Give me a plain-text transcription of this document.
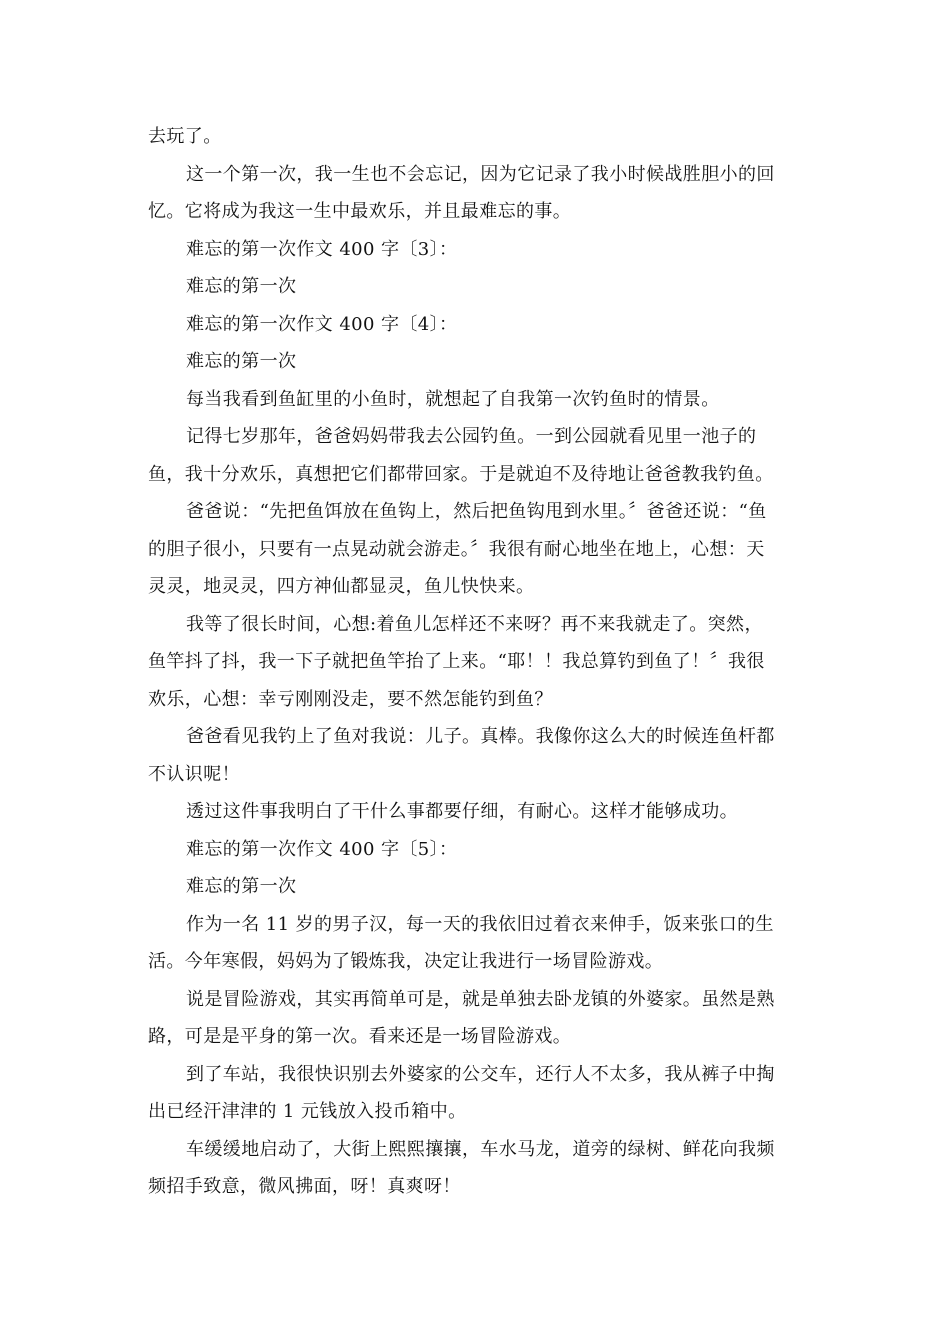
去玩了。
这一个第一次，我一生也不会忘记，因为它记录了我小时候战胜胆小的回
忆。它将成为我这一生中最欢乐，并且最难忘的事。
难忘的第一次作文 400 字〔3〕：
难忘的第一次
难忘的第一次作文 400 字〔4〕：
难忘的第一次
每当我看到鱼缸里的小鱼时，就想起了自我第一次钓鱼时的情景。
记得七岁那年，爸爸妈妈带我去公园钓鱼。一到公园就看见里一池子的
鱼，我十分欢乐，真想把它们都带回家。于是就迫不及待地让爸爸教我钓鱼。
爸爸说：“先把鱼饵放在鱼钩上，然后把鱼钩甩到水里。〞爸爸还说：“鱼
的胆子很小，只要有一点晃动就会游走。〞我很有耐心地坐在地上，心想：天
灵灵，地灵灵，四方神仙都显灵，鱼儿快快来。
我等了很长时间，心想:着鱼儿怎样还不来呀？再不来我就走了。突然，
鱼竿抖了抖，我一下子就把鱼竿抬了上来。“耶！！我总算钓到鱼了！〞我很
欢乐，心想：幸亏刚刚没走，要不然怎能钓到鱼？
爸爸看见我钓上了鱼对我说：儿子。真棒。我像你这么大的时候连鱼杆都
不认识呢！
透过这件事我明白了干什么事都要仔细，有耐心。这样才能够成功。
难忘的第一次作文 400 字〔5〕：
难忘的第一次
作为一名 11 岁的男子汉，每一天的我依旧过着衣来伸手，饭来张口的生
活。今年寒假，妈妈为了锻炼我，决定让我进行一场冒险游戏。
说是冒险游戏，其实再简单可是，就是单独去卧龙镇的外婆家。虽然是熟
路，可是是平身的第一次。看来还是一场冒险游戏。
到了车站，我很快识别去外婆家的公交车，还行人不太多，我从裤子中掏
出已经汗津津的 1 元钱放入投币箱中。
车缓缓地启动了，大街上熙熙攘攘，车水马龙，道旁的绿树、鲜花向我频
频招手致意，微风拂面，呀！真爽呀！
